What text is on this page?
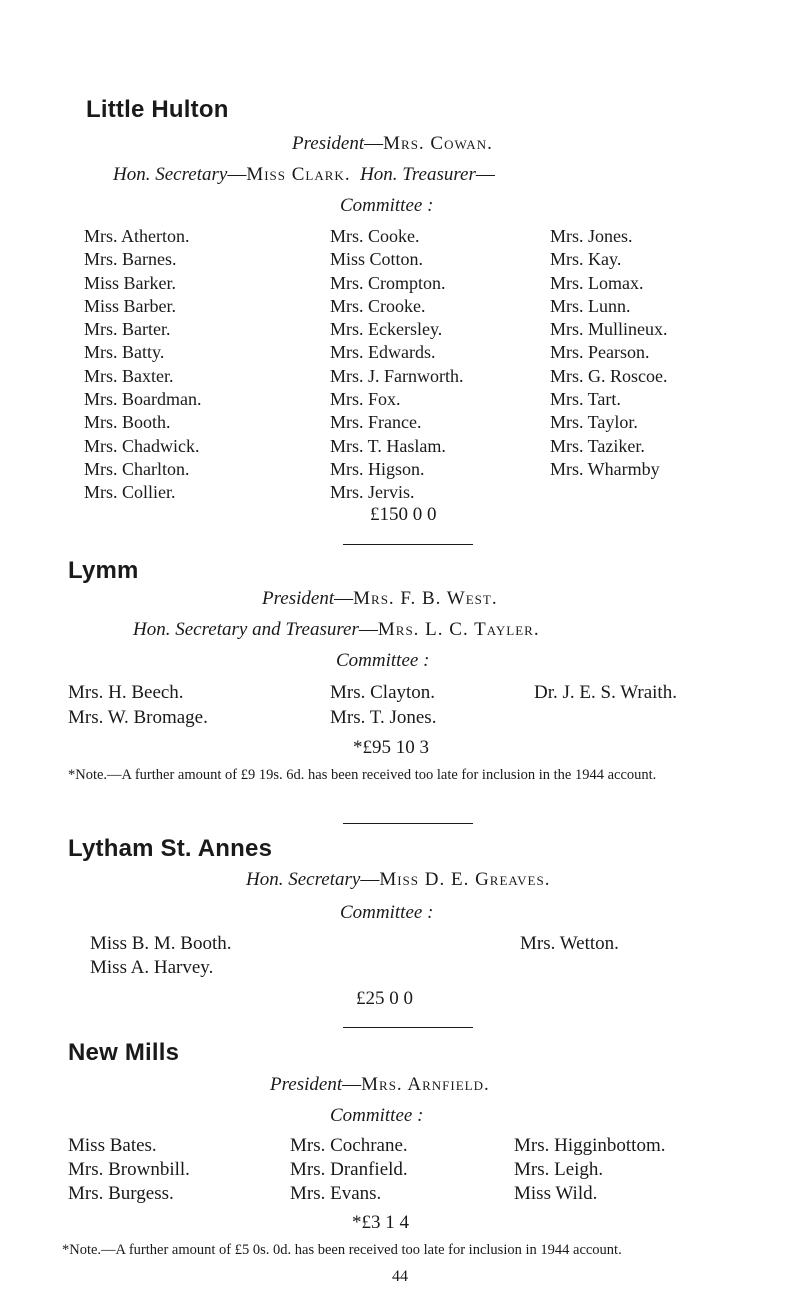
Little Hulton
President—Mrs. Cowan.
Hon. Secretary—Miss Clark. Hon. Treasurer—
Committee :
Mrs. Atherton.
Mrs. Barnes.
Miss Barker.
Miss Barber.
Mrs. Barter.
Mrs. Batty.
Mrs. Baxter.
Mrs. Boardman.
Mrs. Booth.
Mrs. Chadwick.
Mrs. Charlton.
Mrs. Collier.
Mrs. Cooke.
Miss Cotton.
Mrs. Crompton.
Mrs. Crooke.
Mrs. Eckersley.
Mrs. Edwards.
Mrs. J. Farnworth.
Mrs. Fox.
Mrs. France.
Mrs. T. Haslam.
Mrs. Higson.
Mrs. Jervis.
Mrs. Jones.
Mrs. Kay.
Mrs. Lomax.
Mrs. Lunn.
Mrs. Mullineux.
Mrs. Pearson.
Mrs. G. Roscoe.
Mrs. Tart.
Mrs. Taylor.
Mrs. Taziker.
Mrs. Wharmby
£150 0 0
Lymm
President—Mrs. F. B. West.
Hon. Secretary and Treasurer—Mrs. L. C. Tayler.
Committee :
Mrs. H. Beech.
Mrs. W. Bromage.
Mrs. Clayton.
Mrs. T. Jones.
Dr. J. E. S. Wraith.
*£95 10 3
*Note.—A further amount of £9 19s. 6d. has been received too late for inclusion in the 1944 account.
Lytham St. Annes
Hon. Secretary—Miss D. E. Greaves.
Committee :
Miss B. M. Booth.
Miss A. Harvey.
Mrs. Wetton.
£25 0 0
New Mills
President—Mrs. Arnfield.
Committee :
Miss Bates.
Mrs. Brownbill.
Mrs. Burgess.
Mrs. Cochrane.
Mrs. Dranfield.
Mrs. Evans.
Mrs. Higginbottom.
Mrs. Leigh.
Miss Wild.
*£3 1 4
*Note.—A further amount of £5 0s. 0d. has been received too late for inclusion in 1944 account.
44
